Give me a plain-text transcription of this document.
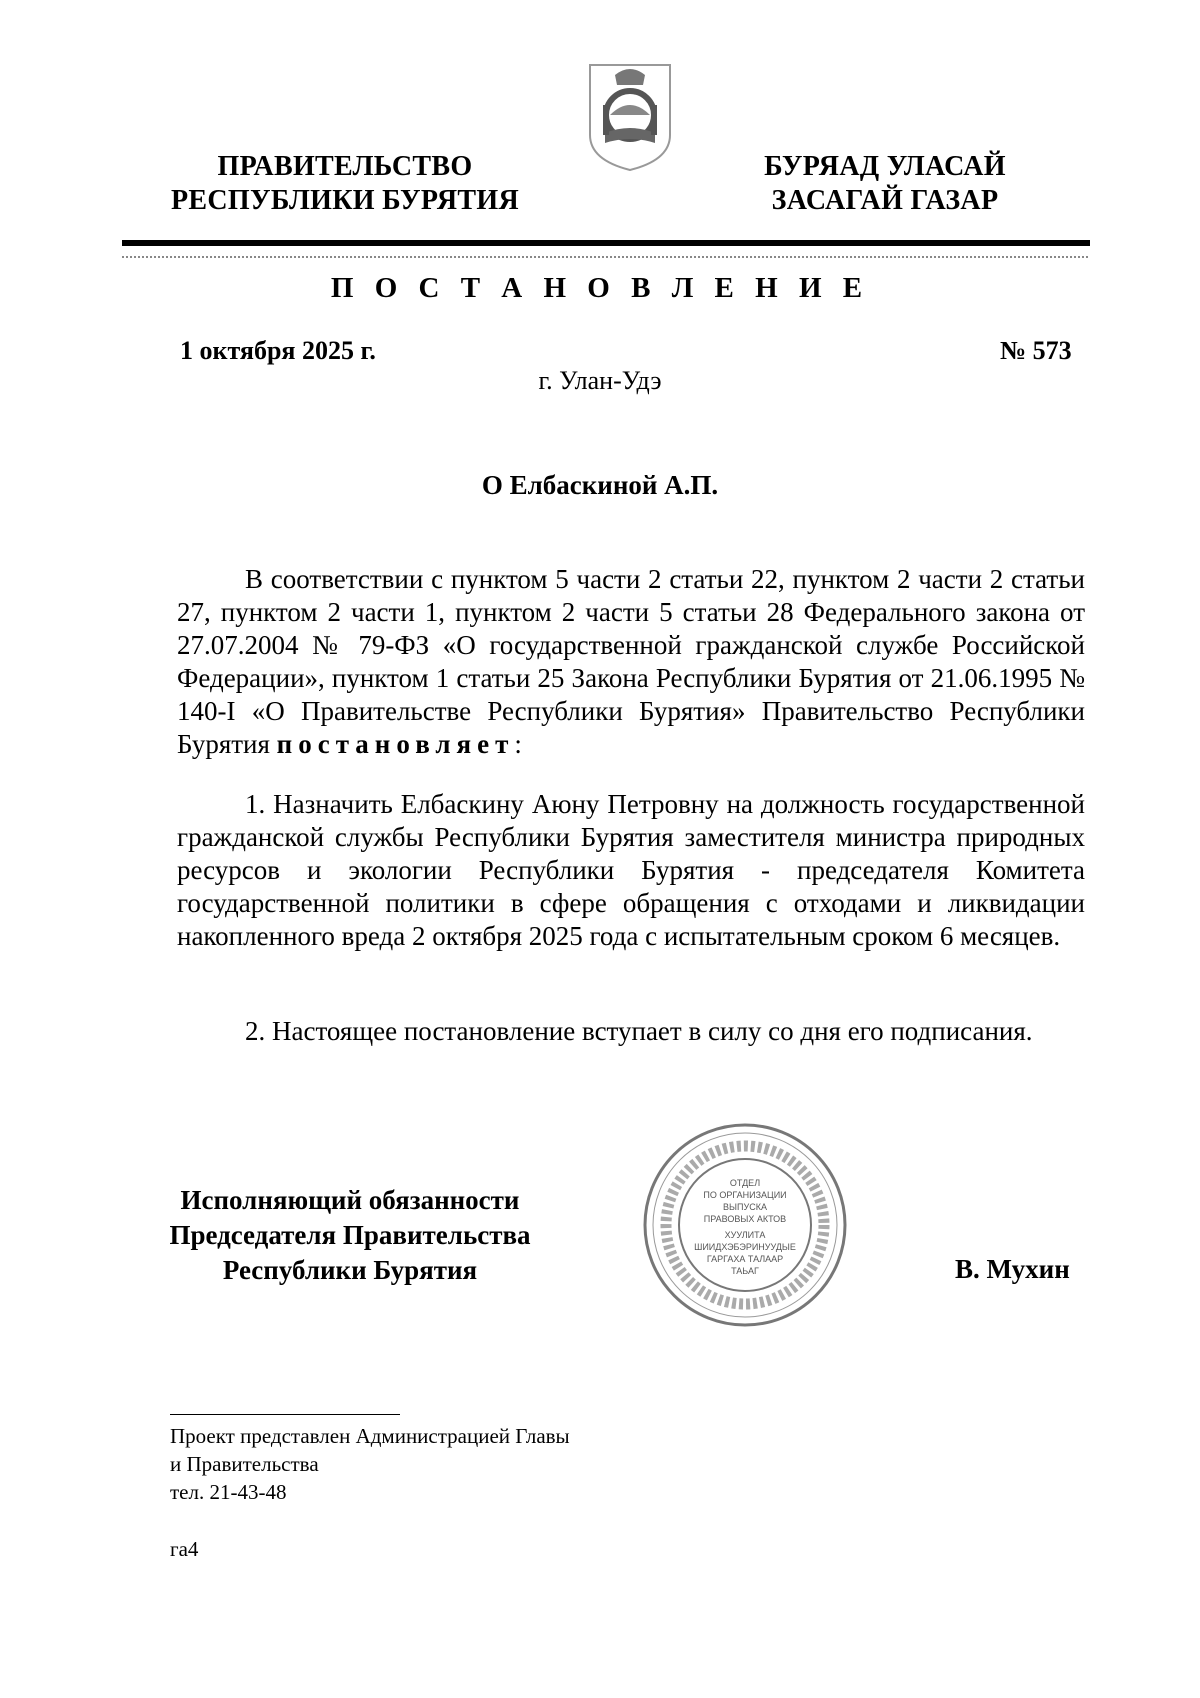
ПРАВИТЕЛЬСТВО
РЕСПУБЛИКИ БУРЯТИЯ
БУРЯАД УЛАСАЙ
ЗАСАГАЙ ГАЗАР
П О С Т А Н О В Л Е Н И Е
1 октября 2025 г.	№ 573
г. Улан-Удэ
О Елбаскиной А.П.

В соответствии с пунктом 5 части 2 статьи 22, пунктом 2 части 2 статьи 27, пунктом 2 части 1, пунктом 2 части 5 статьи 28 Федерального закона от 27.07.2004 № 79-ФЗ «О государственной гражданской службе Российской Федерации», пунктом 1 статьи 25 Закона Республики Бурятия от 21.06.1995 № 140-I «О Правительстве Республики Бурятия» Правительство Республики Бурятия постановляет:

1. Назначить Елбаскину Аюну Петровну на должность государственной гражданской службы Республики Бурятия заместителя министра природных ресурсов и экологии Республики Бурятия - председателя Комитета государственной политики в сфере обращения с отходами и ликвидации накопленного вреда 2 октября 2025 года с испытательным сроком 6 месяцев.

2. Настоящее постановление вступает в силу со дня его подписания.

Исполняющий обязанности
Председателя Правительства
Республики Бурятия
ОТДЕЛ
ПО ОРГАНИЗАЦИИ
ВЫПУСКА
ПРАВОВЫХ АКТОВ
ХУУЛИТА
ШИИДХЭБЭРИНУУДЫЕ
ГАРГАХА ТАЛААР
ТАЬАГ	В. Мухин
Проект представлен Администрацией Главы
и Правительства
тел. 21-43-48
га4
